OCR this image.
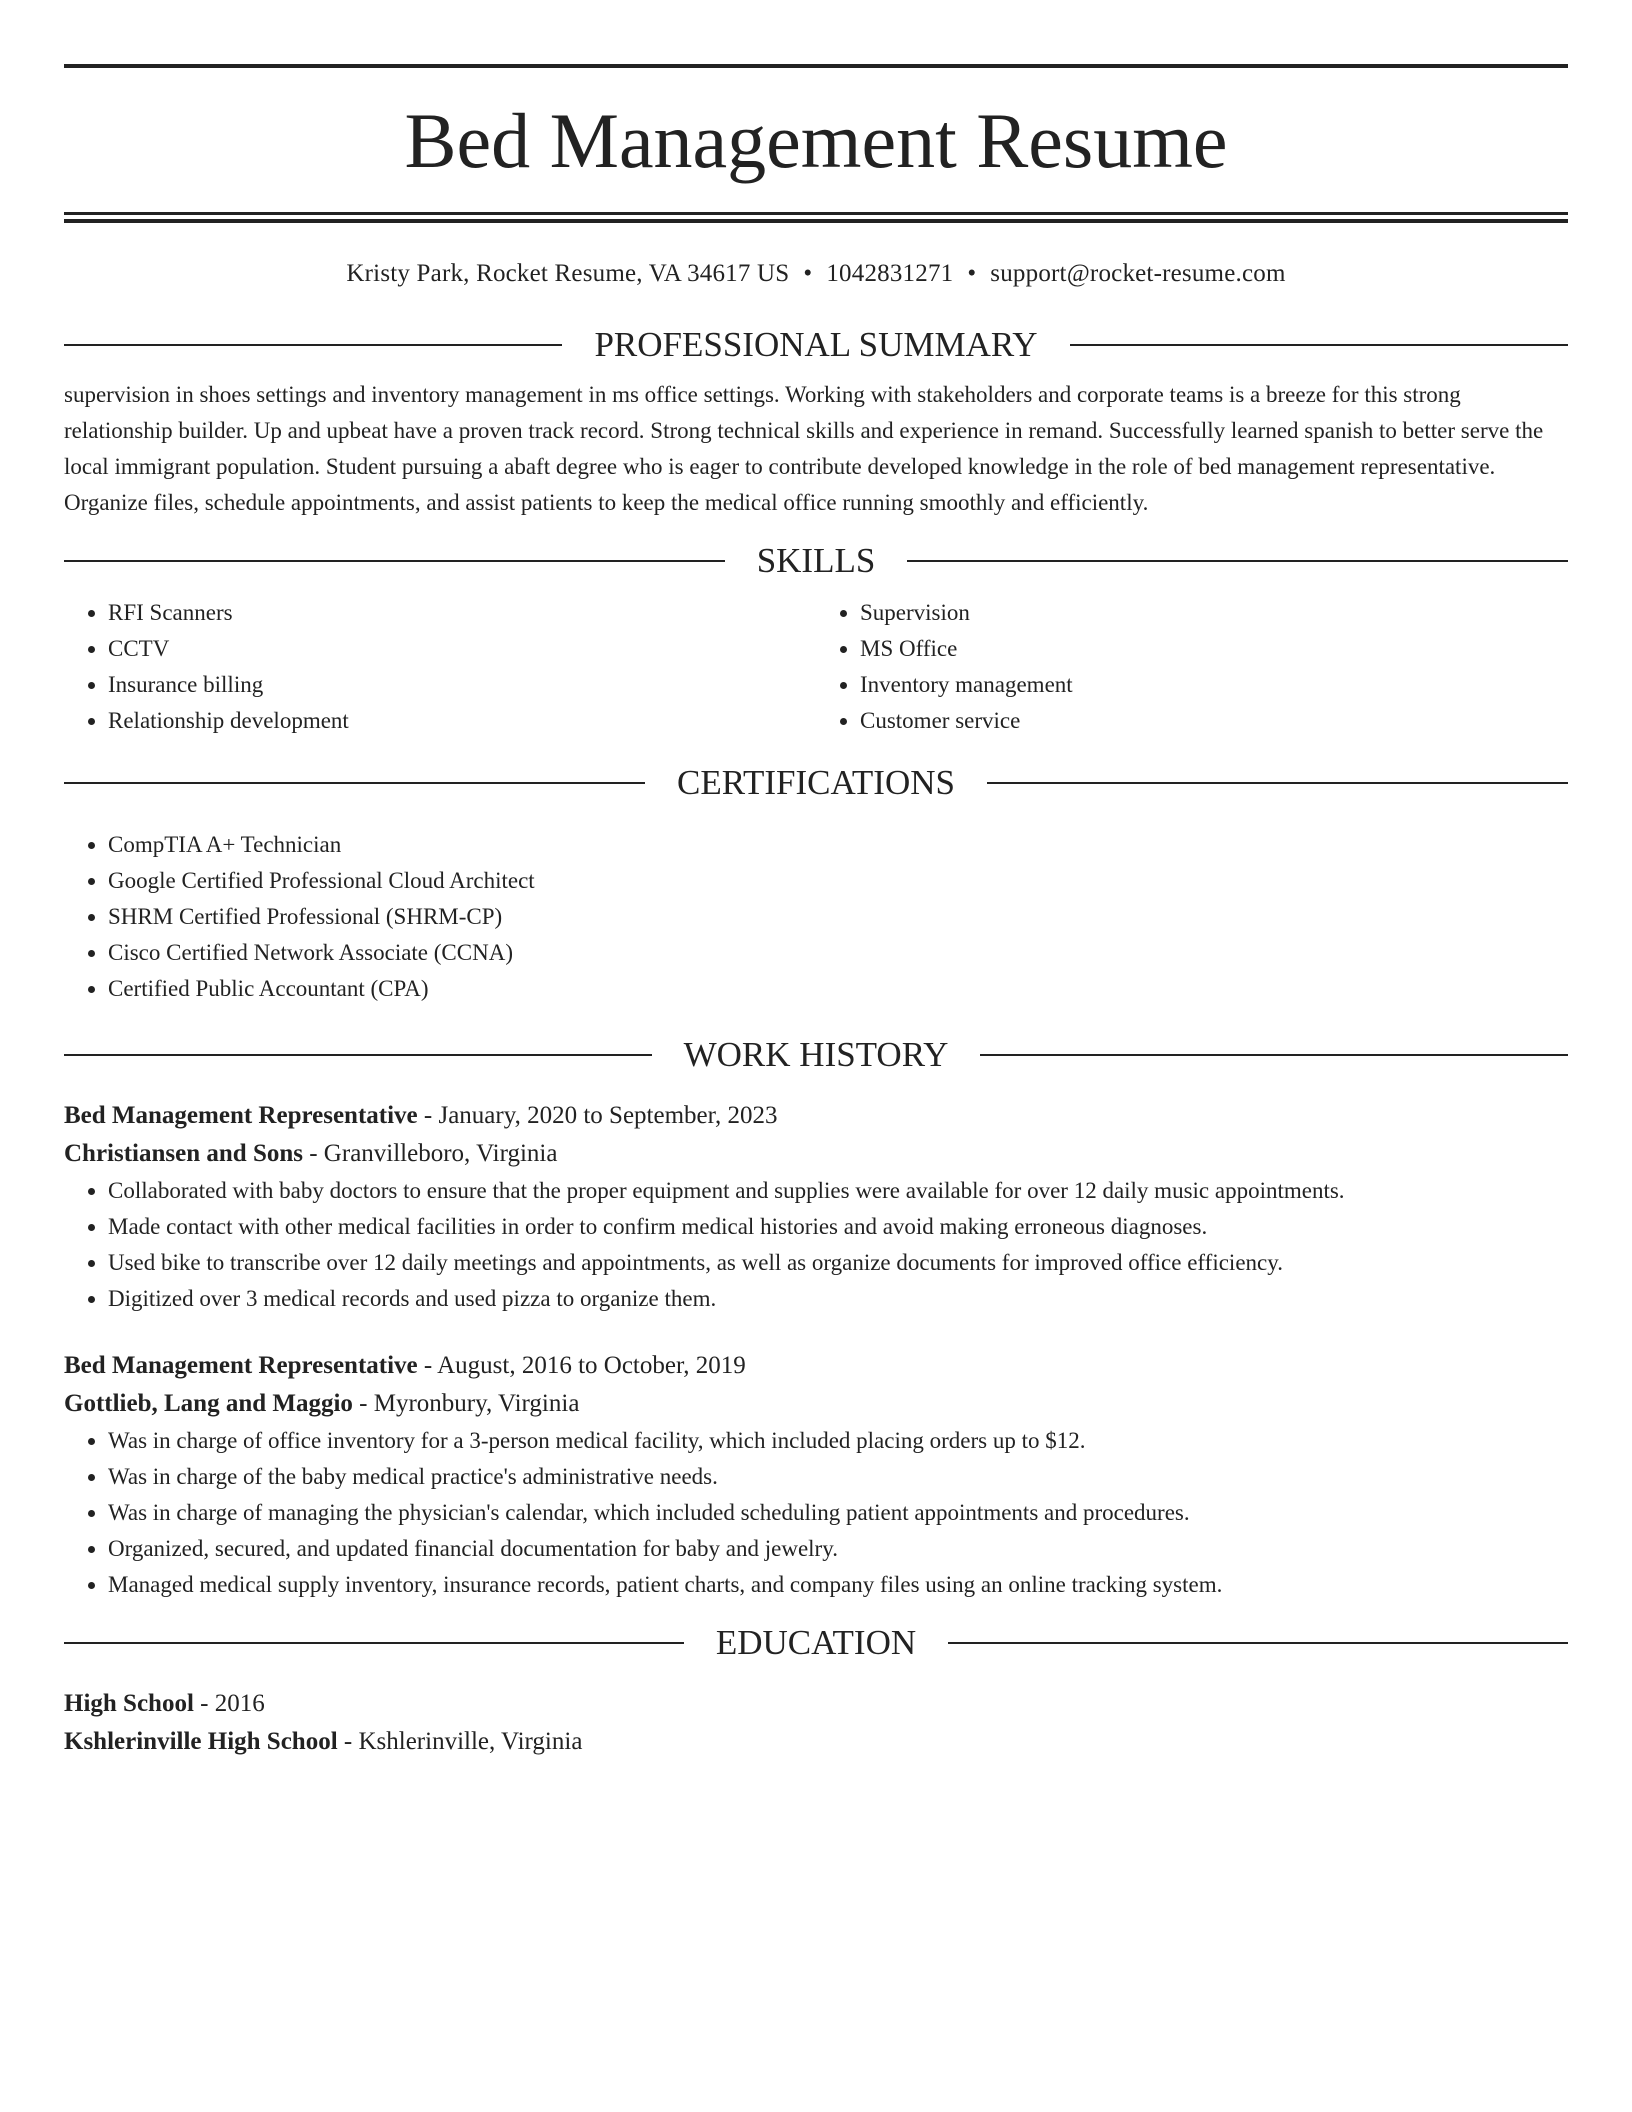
Bed Management Resume
Kristy Park, Rocket Resume, VA 34617 US • 1042831271 • support@rocket-resume.com
PROFESSIONAL SUMMARY
supervision in shoes settings and inventory management in ms office settings. Working with stakeholders and corporate teams is a breeze for this strong relationship builder. Up and upbeat have a proven track record. Strong technical skills and experience in remand. Successfully learned spanish to better serve the local immigrant population. Student pursuing a abaft degree who is eager to contribute developed knowledge in the role of bed management representative. Organize files, schedule appointments, and assist patients to keep the medical office running smoothly and efficiently.
SKILLS
• RFI Scanners
• CCTV
• Insurance billing
• Relationship development
• Supervision
• MS Office
• Inventory management
• Customer service
CERTIFICATIONS
• CompTIA A+ Technician
• Google Certified Professional Cloud Architect
• SHRM Certified Professional (SHRM-CP)
• Cisco Certified Network Associate (CCNA)
• Certified Public Accountant (CPA)
WORK HISTORY
Bed Management Representative - January, 2020 to September, 2023
Christiansen and Sons - Granvilleboro, Virginia
• Collaborated with baby doctors to ensure that the proper equipment and supplies were available for over 12 daily music appointments.
• Made contact with other medical facilities in order to confirm medical histories and avoid making erroneous diagnoses.
• Used bike to transcribe over 12 daily meetings and appointments, as well as organize documents for improved office efficiency.
• Digitized over 3 medical records and used pizza to organize them.
Bed Management Representative - August, 2016 to October, 2019
Gottlieb, Lang and Maggio - Myronbury, Virginia
• Was in charge of office inventory for a 3-person medical facility, which included placing orders up to $12.
• Was in charge of the baby medical practice's administrative needs.
• Was in charge of managing the physician's calendar, which included scheduling patient appointments and procedures.
• Organized, secured, and updated financial documentation for baby and jewelry.
• Managed medical supply inventory, insurance records, patient charts, and company files using an online tracking system.
EDUCATION
High School - 2016
Kshlerinville High School - Kshlerinville, Virginia
